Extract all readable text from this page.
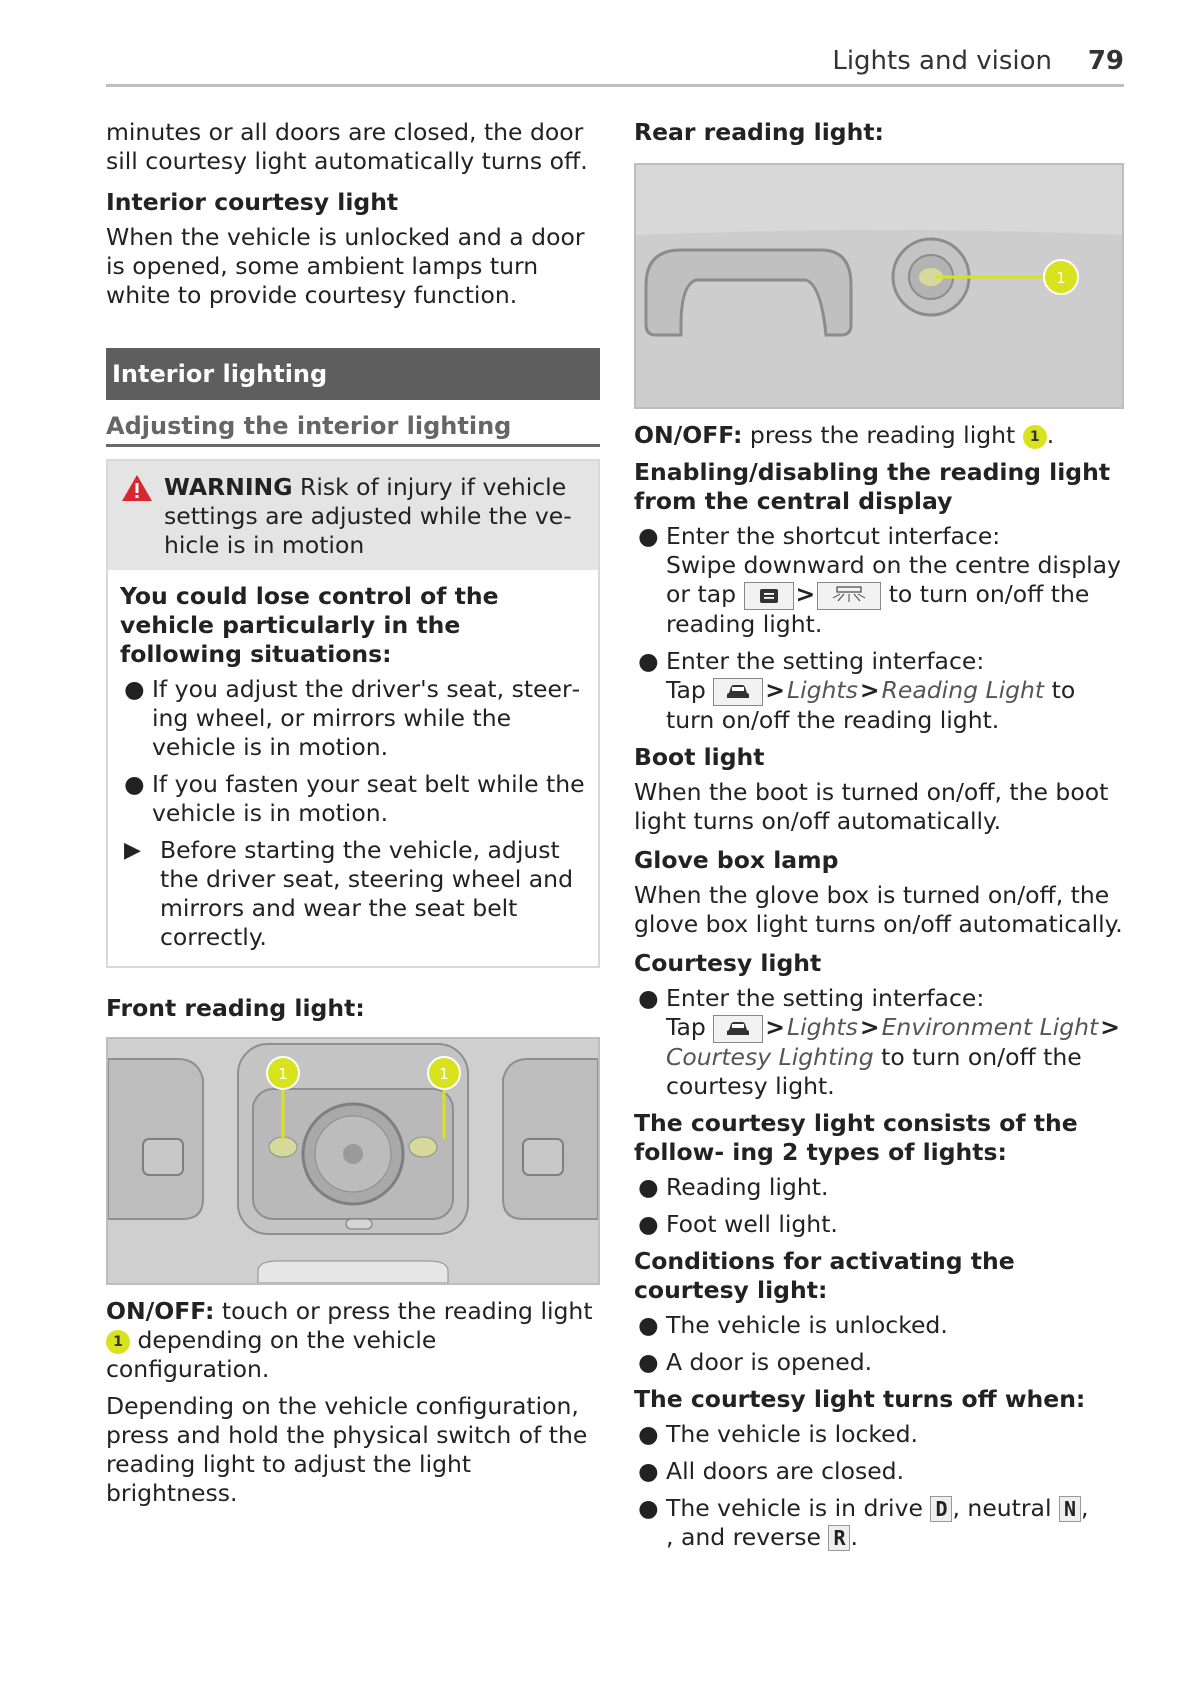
Lights and vision 79

minutes or all doors are closed, the door sill courtesy light automatically turns off.

Interior courtesy light

When the vehicle is unlocked and a door is opened, some ambient lamps turn white to provide courtesy function.

Interior lighting
Adjusting the interior lighting

WARNING Risk of injury if vehicle settings are adjusted while the ve‑ hicle is in motion

You could lose control of the vehicle particularly in the following situations:

● If you adjust the driver's seat, steer‑ ing wheel, or mirrors while the vehicle is in motion.
● If you fasten your seat belt while the vehicle is in motion.
▶ Before starting the vehicle, adjust the driver seat, steering wheel and mirrors and wear the seat belt correctly.

Front reading light:

1	1

ON/OFF: touch or press the reading light 1 depending on the vehicle configuration.

Depending on the vehicle configuration, press and hold the physical switch of the reading light to adjust the light brightness.

Rear reading light:

1

ON/OFF: press the reading light 1 .

Enabling/disabling the reading light from the central display

● Enter the shortcut interface:
Swipe downward on the centre display or tap	>	to turn on/off the reading light.
● Enter the setting interface:
Tap	>Lights>Reading Light to turn on/off the reading light.

Boot light

When the boot is turned on/off, the boot light turns on/off automatically.

Glove box lamp

When the glove box is turned on/off, the glove box light turns on/off automatically.

Courtesy light

● Enter the setting interface:
Tap	>Lights>Environment Light>Courtesy Lighting to turn on/off the courtesy light.

The courtesy light consists of the follow‑ ing 2 types of lights:

● Reading light.
● Foot well light.

Conditions for activating the courtesy light:

● The vehicle is unlocked.
● A door is opened.

The courtesy light turns off when:

● The vehicle is locked.
● All doors are closed.
● The vehicle is in drive D , neutral N ,
, and reverse R .
